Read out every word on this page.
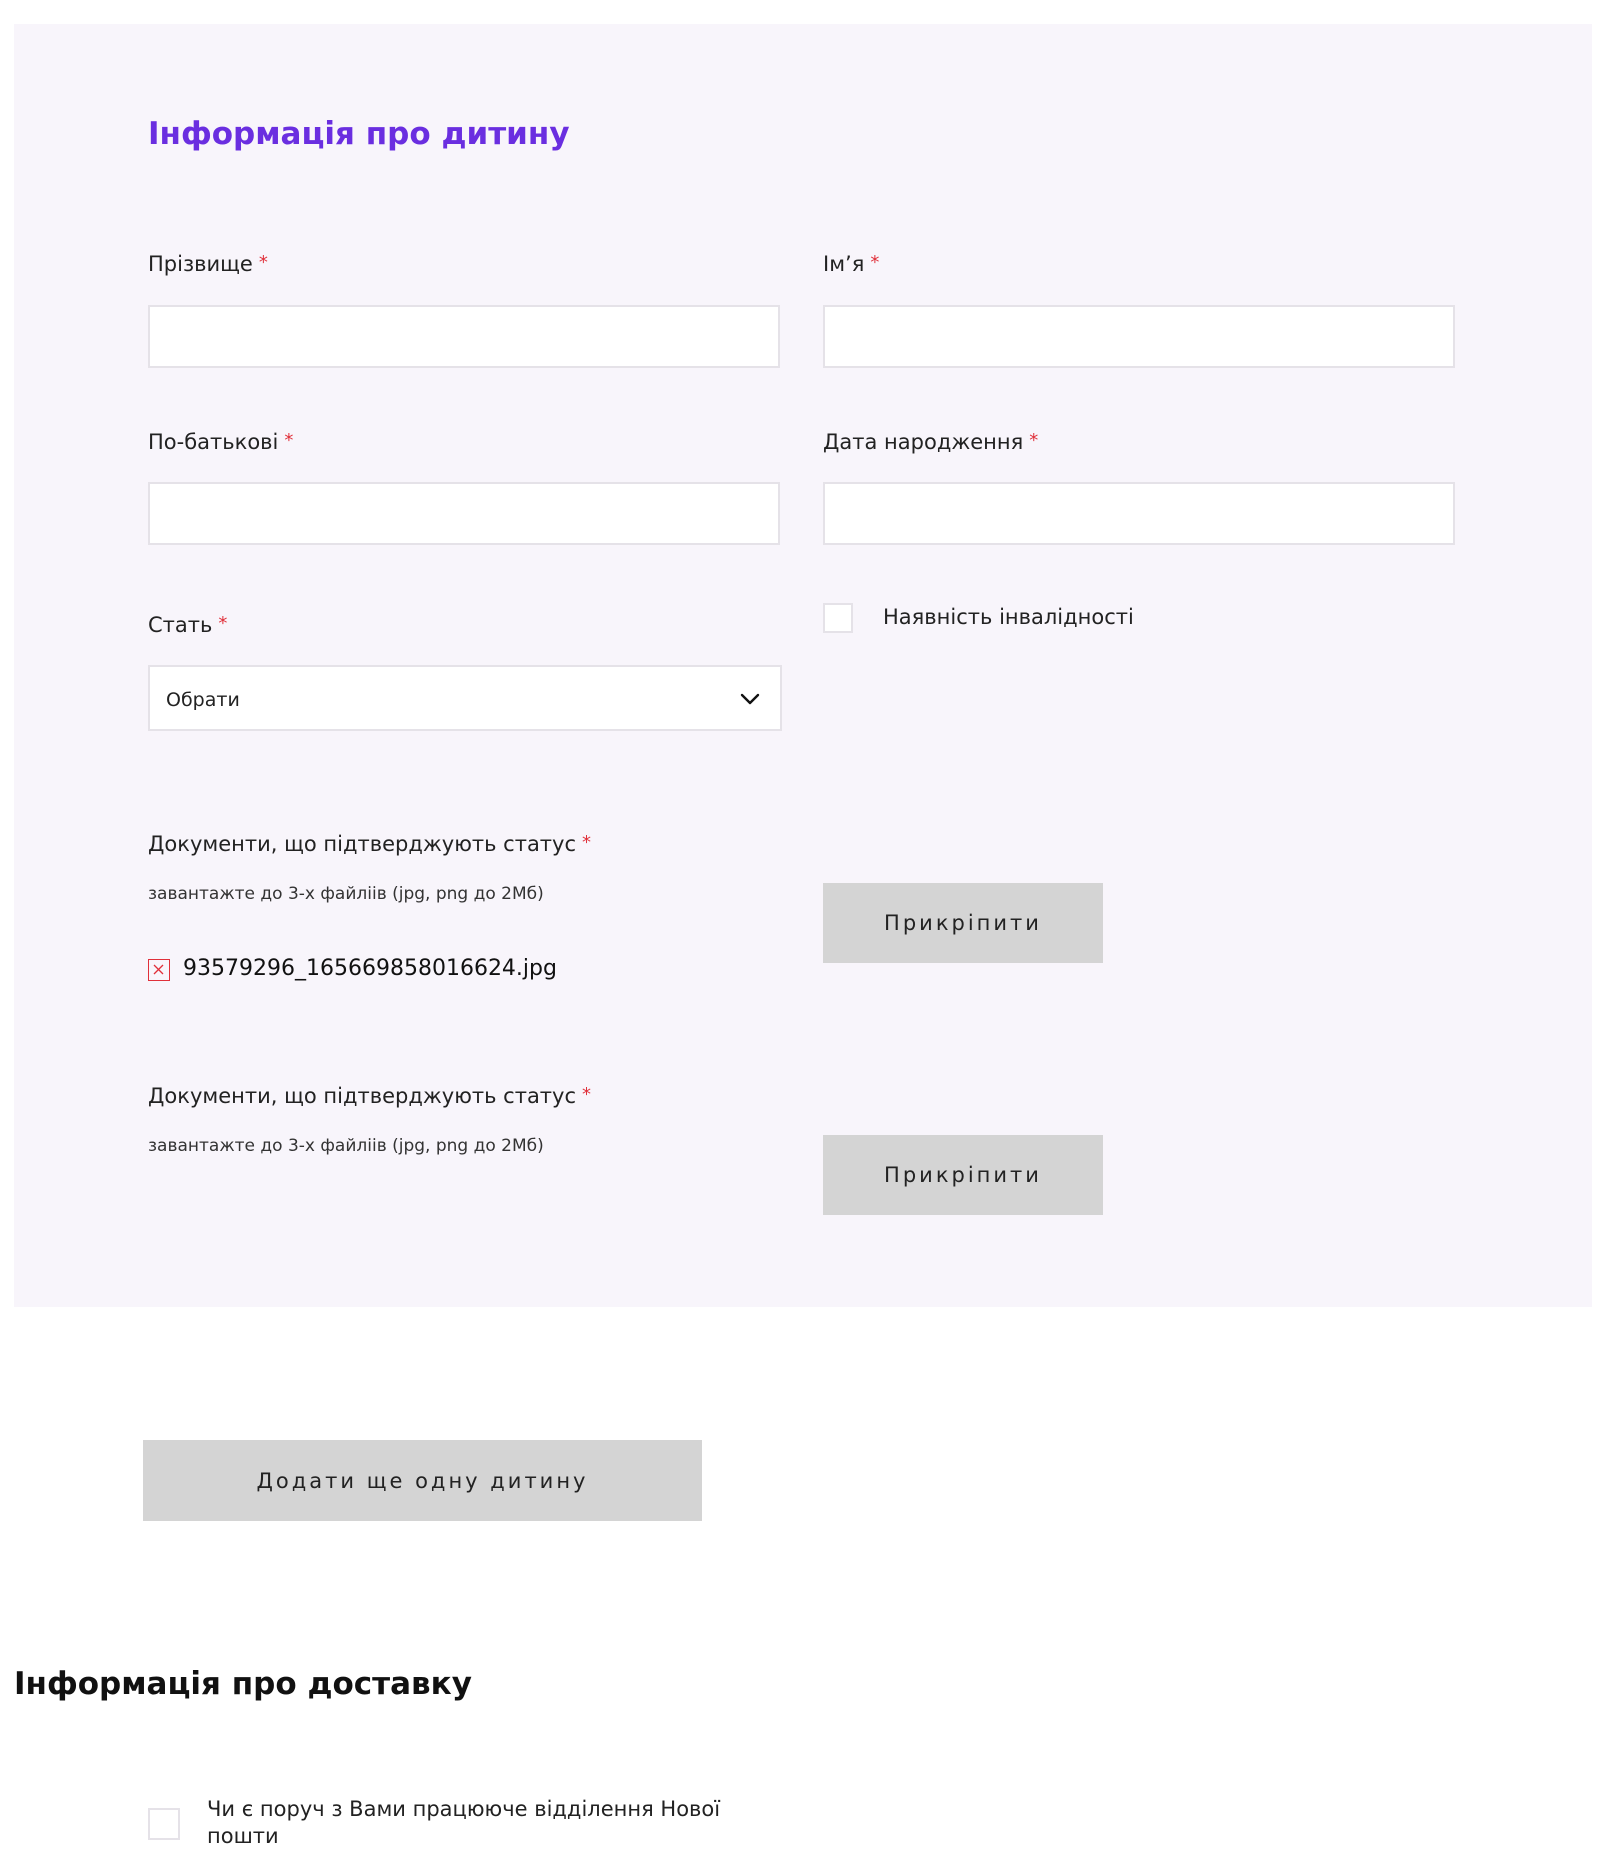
Інформація про дитину
Прізвище *	Ім’я *
По-батькові *	Дата народження *
Стать *
Обрати
Наявність інвалідності
Документи, що підтверджують статус *
завантажте до 3-х файліів (jpg, png до 2Мб)
Прикріпити
93579296_165669858016624.jpg
Документи, що підтверджують статус *
завантажте до 3-х файліів (jpg, png до 2Мб)
Прикріпити
Додати ще одну дитину
Інформація про доставку
Чи є поруч з Вами працююче відділення Нової пошти
